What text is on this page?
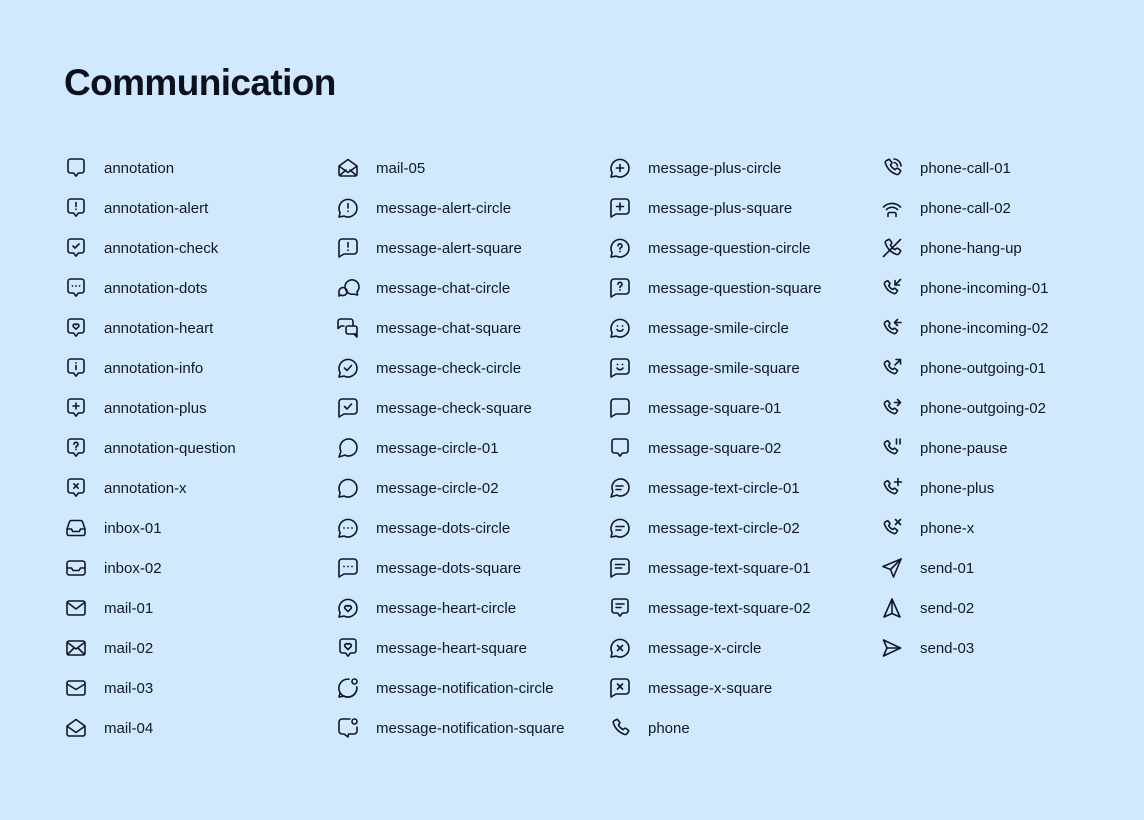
Communication
annotation
annotation-alert
annotation-check
annotation-dots
annotation-heart
annotation-info
annotation-plus
annotation-question
annotation-x
inbox-01
inbox-02
mail-01
mail-02
mail-03
mail-04
mail-05
message-alert-circle
message-alert-square
message-chat-circle
message-chat-square
message-check-circle
message-check-square
message-circle-01
message-circle-02
message-dots-circle
message-dots-square
message-heart-circle
message-heart-square
message-notification-circle
message-notification-square
message-plus-circle
message-plus-square
message-question-circle
message-question-square
message-smile-circle
message-smile-square
message-square-01
message-square-02
message-text-circle-01
message-text-circle-02
message-text-square-01
message-text-square-02
message-x-circle
message-x-square
phone
phone-call-01
phone-call-02
phone-hang-up
phone-incoming-01
phone-incoming-02
phone-outgoing-01
phone-outgoing-02
phone-pause
phone-plus
phone-x
send-01
send-02
send-03
